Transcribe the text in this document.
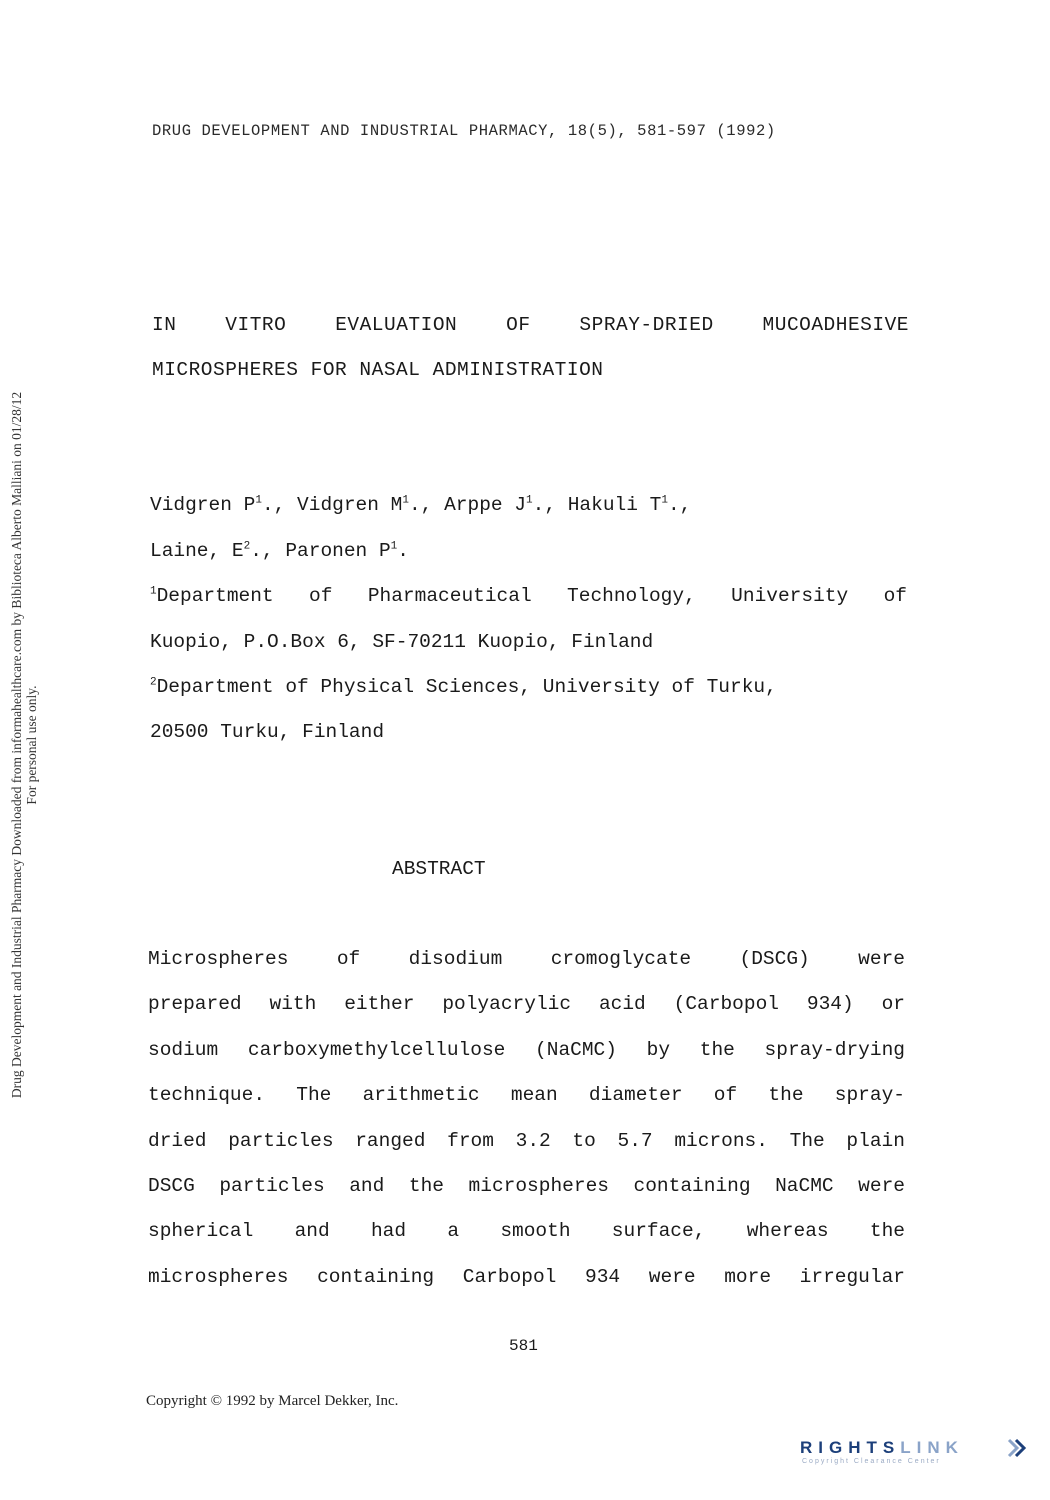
Drug Development and Industrial Pharmacy Downloaded from informahealthcare.com by Biblioteca Alberto Malliani on 01/28/12 For personal use only.
DRUG DEVELOPMENT AND INDUSTRIAL PHARMACY, 18(5), 581-597 (1992)
IN	VITRO	EVALUATION	OF	SPRAY-DRIED	MUCOADHESIVE
MICROSPHERES FOR NASAL ADMINISTRATION
Vidgren $P^1$., Vidgren $M^1$., Arppe $J^1$., Hakuli $T^1$.,
Laine, $E^2$., Paronen $P^1$.
$^1$Department of Pharmaceutical Technology, University of
Kuopio, P.O.Box 6, SF-70211 Kuopio, Finland
$^2$Department of Physical Sciences, University of Turku,
20500 Turku, Finland
ABSTRACT
Microspheres of disodium cromoglycate (DSCG) were
prepared with either polyacrylic acid (Carbopol 934) or
sodium carboxymethylcellulose (NaCMC) by the spray-drying
technique. The arithmetic mean diameter of the spray-
dried particles ranged from 3.2 to 5.7 microns. The plain
DSCG particles and the microspheres containing NaCMC were
spherical and had a smooth surface, whereas the
microspheres containing Carbopol 934 were more irregular
581
Copyright © 1992 by Marcel Dekker, Inc.
RIGHTSLINK
Copyright Clearance Center
